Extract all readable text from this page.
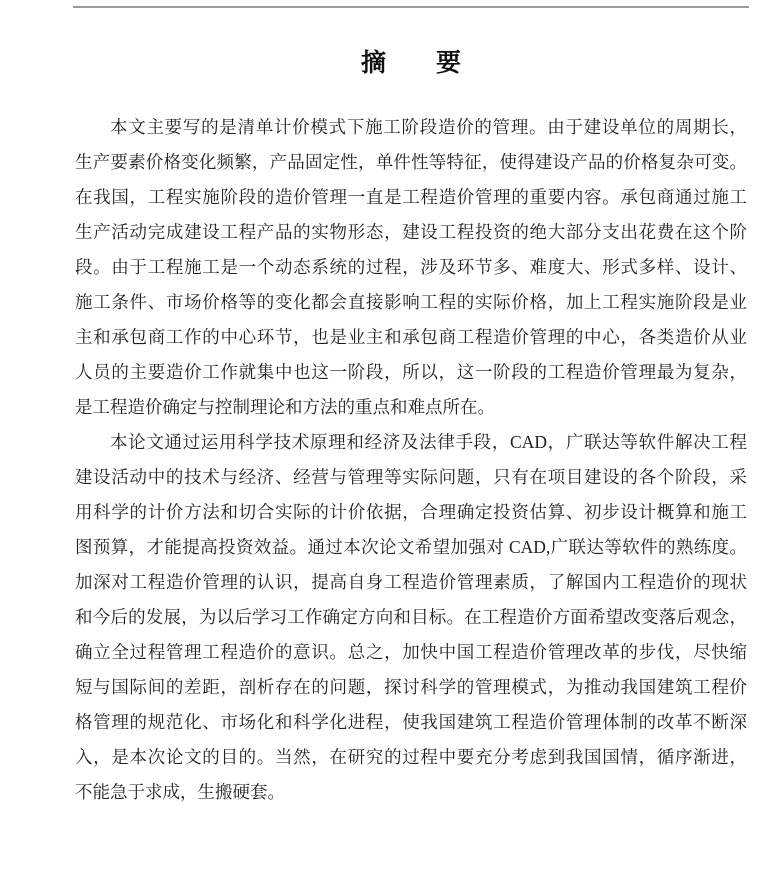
摘　　要
本文主要写的是清单计价模式下施工阶段造价的管理。由于建设单位的周期长，
生产要素价格变化频繁，产品固定性，单件性等特征，使得建设产品的价格复杂可变。
在我国，工程实施阶段的造价管理一直是工程造价管理的重要内容。承包商通过施工
生产活动完成建设工程产品的实物形态，建设工程投资的绝大部分支出花费在这个阶
段。由于工程施工是一个动态系统的过程，涉及环节多、难度大、形式多样、设计、
施工条件、市场价格等的变化都会直接影响工程的实际价格，加上工程实施阶段是业
主和承包商工作的中心环节，也是业主和承包商工程造价管理的中心，各类造价从业
人员的主要造价工作就集中也这一阶段，所以，这一阶段的工程造价管理最为复杂，
是工程造价确定与控制理论和方法的重点和难点所在。
本论文通过运用科学技术原理和经济及法律手段，CAD，广联达等软件解决工程
建设活动中的技术与经济、经营与管理等实际问题，只有在项目建设的各个阶段，采
用科学的计价方法和切合实际的计价依据，合理确定投资估算、初步设计概算和施工
图预算，才能提高投资效益。通过本次论文希望加强对 CAD,广联达等软件的熟练度。
加深对工程造价管理的认识，提高自身工程造价管理素质，了解国内工程造价的现状
和今后的发展，为以后学习工作确定方向和目标。在工程造价方面希望改变落后观念，
确立全过程管理工程造价的意识。总之，加快中国工程造价管理改革的步伐，尽快缩
短与国际间的差距，剖析存在的问题，探讨科学的管理模式，为推动我国建筑工程价
格管理的规范化、市场化和科学化进程，使我国建筑工程造价管理体制的改革不断深
入，是本次论文的目的。当然，在研究的过程中要充分考虑到我国国情，循序渐进，
不能急于求成，生搬硬套。
